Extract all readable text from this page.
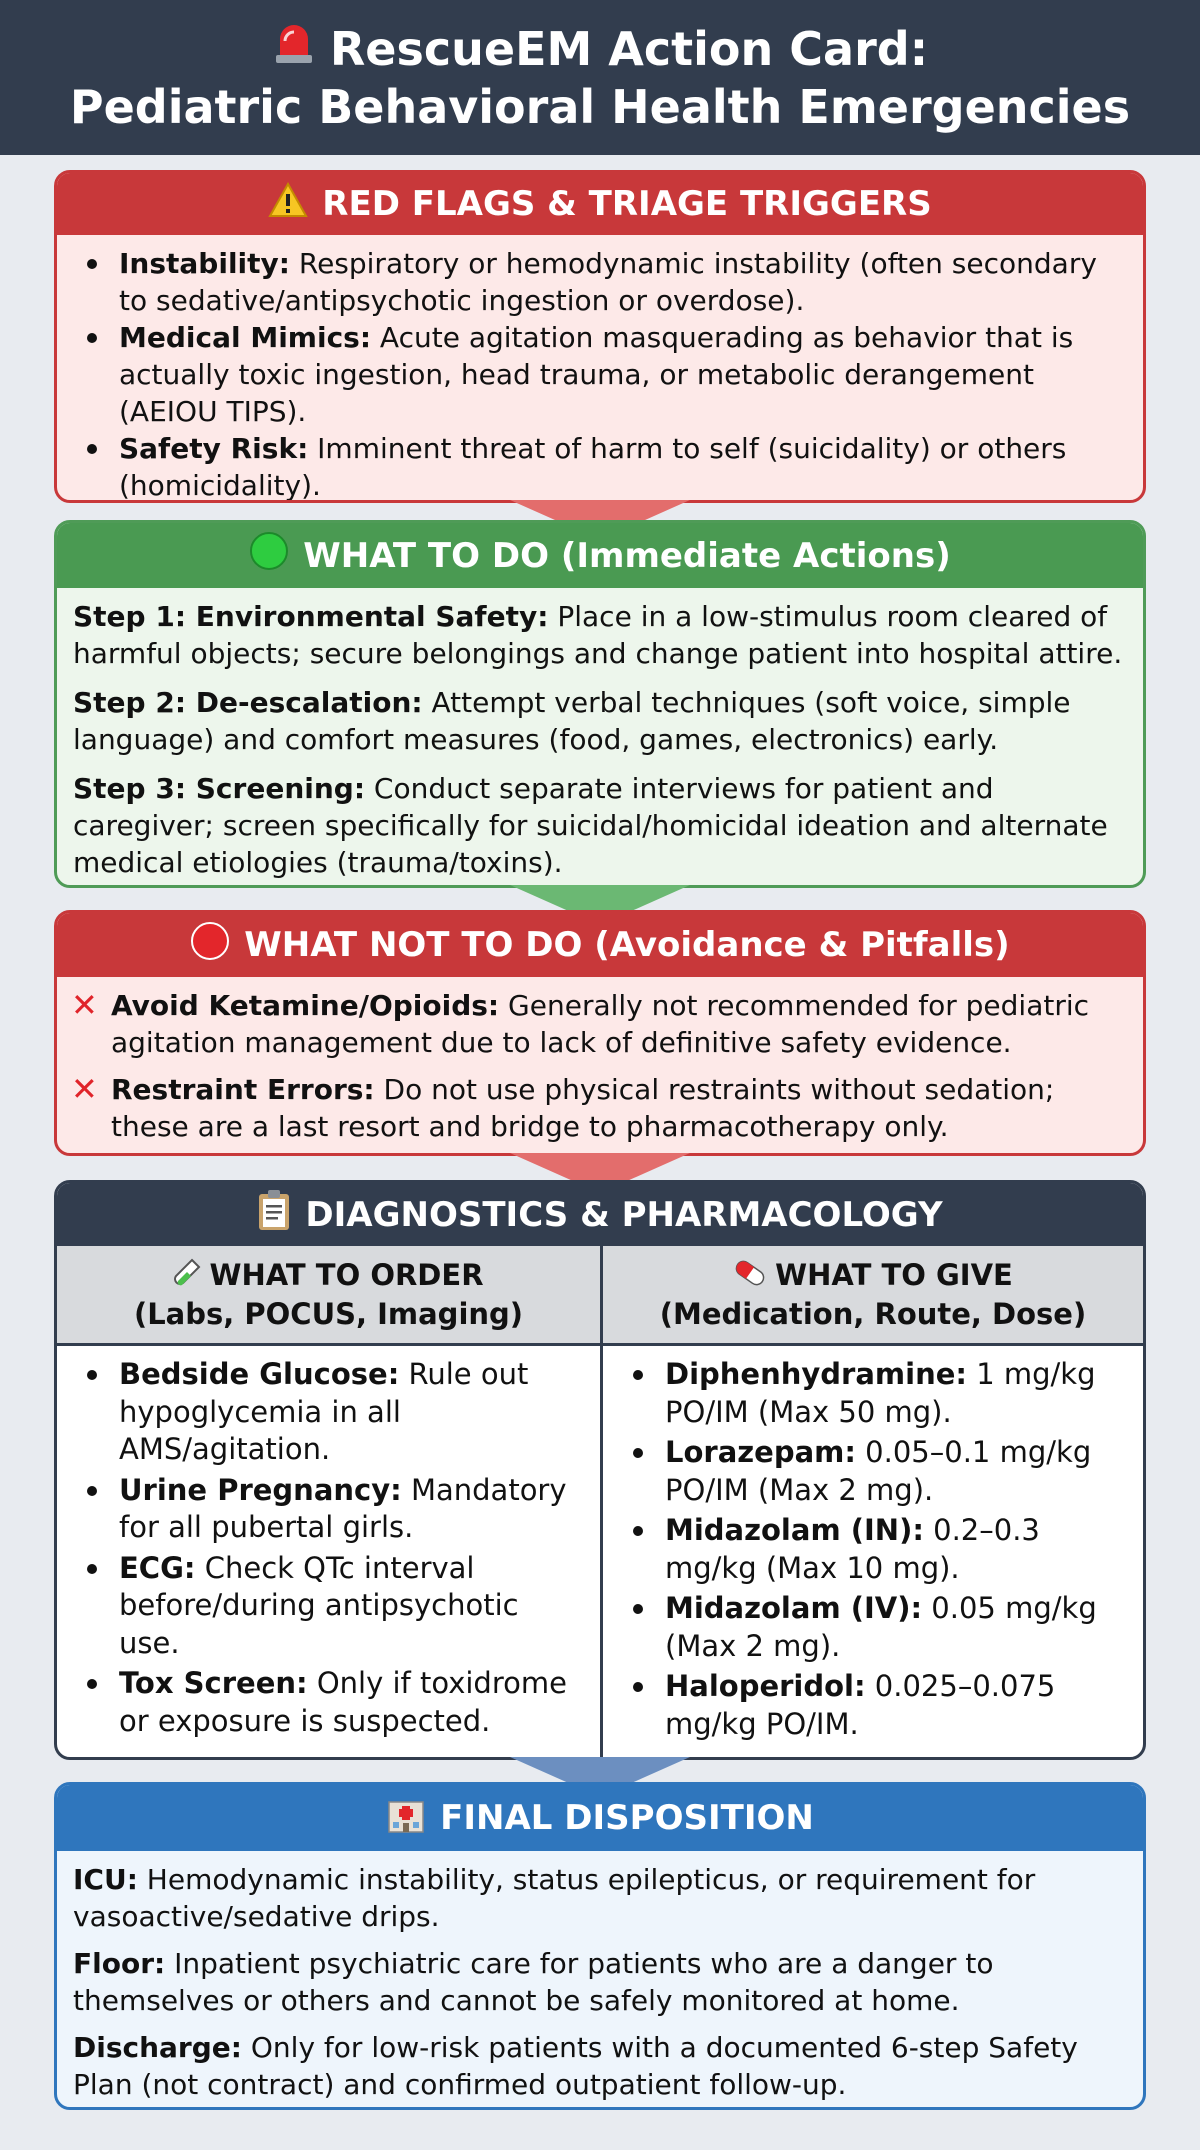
RescueEM Action Card:
Pediatric Behavioral Health Emergencies
RED FLAGS & TRIAGE TRIGGERS
Instability: Respiratory or hemodynamic instability (often secondary to sedative/antipsychotic ingestion or overdose).
Medical Mimics: Acute agitation masquerading as behavior that is actually toxic ingestion, head trauma, or metabolic derangement (AEIOU TIPS).
Safety Risk: Imminent threat of harm to self (suicidality) or others (homicidality).
WHAT TO DO (Immediate Actions)

Step 1: Environmental Safety: Place in a low-stimulus room cleared of harmful objects; secure belongings and change patient into hospital attire.

Step 2: De-escalation: Attempt verbal techniques (soft voice, simple language) and comfort measures (food, games, electronics) early.

Step 3: Screening: Conduct separate interviews for patient and caregiver; screen specifically for suicidal/homicidal ideation and alternate medical etiologies (trauma/toxins).

WHAT NOT TO DO (Avoidance & Pitfalls)
✕ Avoid Ketamine/Opioids: Generally not recommended for pediatric agitation management due to lack of definitive safety evidence.
✕ Restraint Errors: Do not use physical restraints without sedation; these are a last resort and bridge to pharmacotherapy only.
DIAGNOSTICS & PHARMACOLOGY
WHAT TO ORDER
(Labs, POCUS, Imaging)
Bedside Glucose: Rule out hypoglycemia in all AMS/agitation.
Urine Pregnancy: Mandatory for all pubertal girls.
ECG: Check QTc interval before/during antipsychotic use.
Tox Screen: Only if toxidrome or exposure is suspected.
WHAT TO GIVE
(Medication, Route, Dose)
Diphenhydramine: 1 mg/kg PO/IM (Max 50 mg).
Lorazepam: 0.05–0.1 mg/kg PO/IM (Max 2 mg).
Midazolam (IN): 0.2–0.3 mg/kg (Max 10 mg).
Midazolam (IV): 0.05 mg/kg (Max 2 mg).
Haloperidol: 0.025–0.075 mg/kg PO/IM.
FINAL DISPOSITION

ICU: Hemodynamic instability, status epilepticus, or requirement for vasoactive/sedative drips.

Floor: Inpatient psychiatric care for patients who are a danger to themselves or others and cannot be safely monitored at home.

Discharge: Only for low-risk patients with a documented 6-step Safety Plan (not contract) and confirmed outpatient follow-up.
